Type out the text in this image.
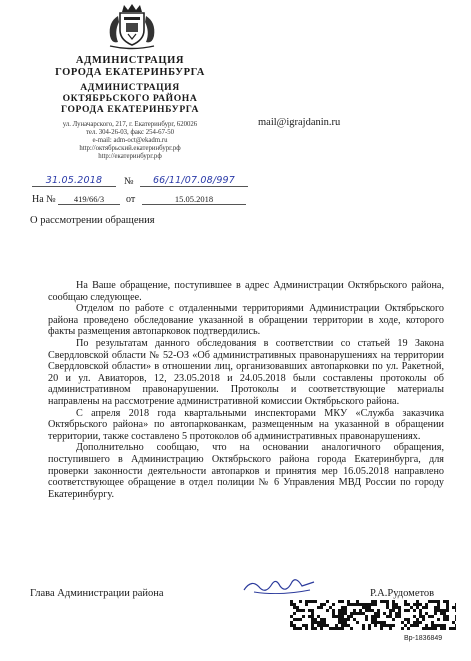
АДМИНИСТРАЦИЯ
ГОРОДА ЕКАТЕРИНБУРГА
АДМИНИСТРАЦИЯ
ОКТЯБРЬСКОГО РАЙОНА
ГОРОДА ЕКАТЕРИНБУРГА
ул. Луначарского, 217, г. Екатеринбург, 620026
тел. 304-26-03, факс 254-67-50
e-mail: adm-oct@ekadm.ru
http://октябрьский.екатеринбург.рф
http://екатеринбург.рф
mail@igrajdanin.ru
31.05.2018	№	66/11/07.08/997
На №	419/66/3	от	15.05.2018
О рассмотрении обращения

На Ваше обращение, поступившее в адрес Администрации Октябрьского района, сообщаю следующее.

Отделом по работе с отдаленными территориями Администрации Октябрьского района проведено обследование указанной в обращении территории в ходе, которого факты размещения автопарковок подтвердились.

По результатам данного обследования в соответствии со статьей 19 Закона Свердловской области № 52-ОЗ «Об административных правонарушениях на территории Свердловской области» в отношении лиц, организовавших автопарковки по ул. Ракетной, 20 и ул. Авиаторов, 12, 23.05.2018 и 24.05.2018 были составлены протоколы об административном правонарушении. Протоколы и соответствующие материалы направлены на рассмотрение административной комиссии Октябрьского района.

С апреля 2018 года квартальными инспекторами МКУ «Служба заказчика Октябрьского района» по автопаркованкам, размещенным на указанной в обращении территории, также составлено 5 протоколов об административных правонарушениях.

Дополнительно сообщаю, что на основании аналогичного обращения, поступившего в Администрацию Октябрьского района города Екатеринбурга, для проверки законности деятельности автопарков и принятия мер 16.05.2018 направлено соответствующее обращение в отдел полиции № 6 Управления МВД России по городу Екатеринбургу.

Глава Администрации района	Р.А.Рудометов
Вр-1836849
